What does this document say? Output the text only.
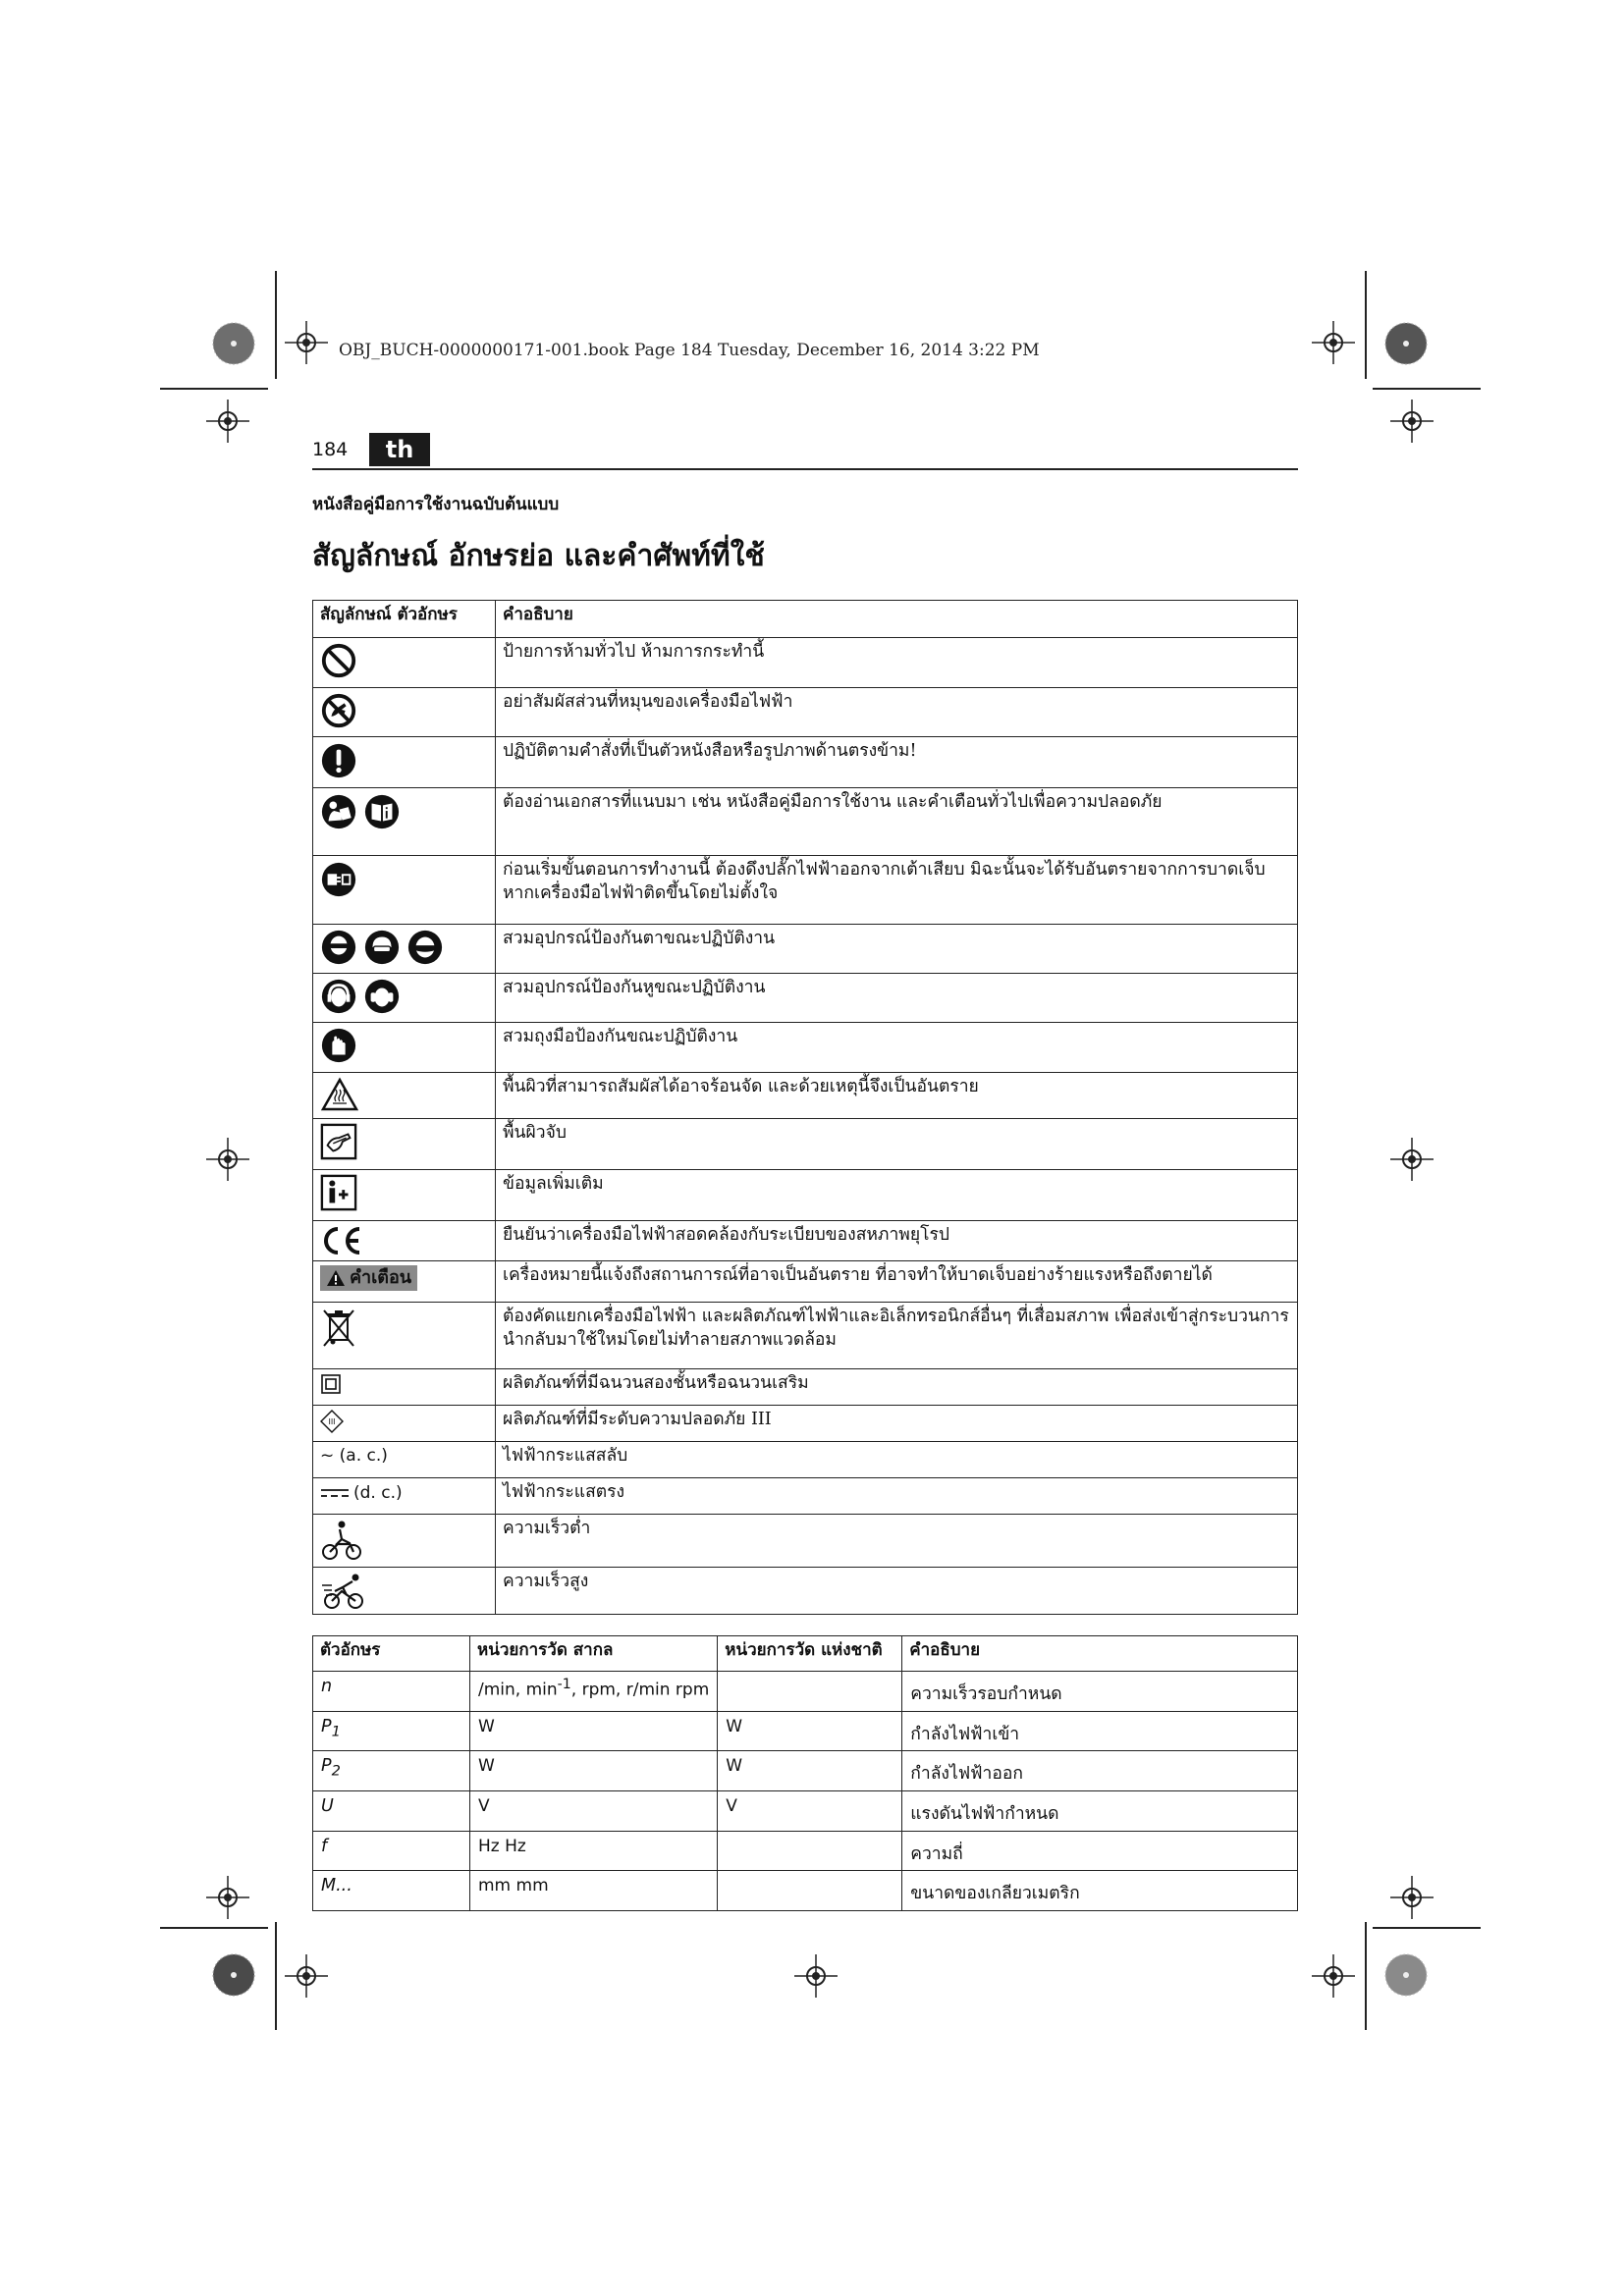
OBJ_BUCH-0000000171-001.book Page 184 Tuesday, December 16, 2014 3:22 PM
184	th
หนังสือคู่มือการใช้งานฉบับต้นแบบ
สัญลักษณ์ อักษรย่อ และคำศัพท์ที่ใช้
สัญลักษณ์ ตัวอักษร	คำอธิบาย

	ป้ายการห้ามทั่วไป ห้ามการกระทำนี้

	อย่าสัมผัสส่วนที่หมุนของเครื่องมือไฟฟ้า

	ปฏิบัติตามคำสั่งที่เป็นตัวหนังสือหรือรูปภาพด้านตรงข้าม!

	ต้องอ่านเอกสารที่แนบมา เช่น หนังสือคู่มือการใช้งาน และคำเตือนทั่วไปเพื่อความปลอดภัย

	ก่อนเริ่มขั้นตอนการทำงานนี้ ต้องดึงปลั๊กไฟฟ้าออกจากเต้าเสียบ มิฉะนั้นจะได้รับอันตรายจากการบาดเจ็บหากเครื่องมือไฟฟ้าติดขึ้นโดยไม่ตั้งใจ

	สวมอุปกรณ์ป้องกันตาขณะปฏิบัติงาน

	สวมอุปกรณ์ป้องกันหูขณะปฏิบัติงาน

	สวมถุงมือป้องกันขณะปฏิบัติงาน

	พื้นผิวที่สามารถสัมผัสได้อาจร้อนจัด และด้วยเหตุนี้จึงเป็นอันตราย

	พื้นผิวจับ

	ข้อมูลเพิ่มเติม

	ยืนยันว่าเครื่องมือไฟฟ้าสอดคล้องกับระเบียบของสหภาพยุโรป

คำเตือน	เครื่องหมายนี้แจ้งถึงสถานการณ์ที่อาจเป็นอันตราย ที่อาจทำให้บาดเจ็บอย่างร้ายแรงหรือถึงตายได้

	ต้องคัดแยกเครื่องมือไฟฟ้า และผลิตภัณฑ์ไฟฟ้าและอิเล็กทรอนิกส์อื่นๆ ที่เสื่อมสภาพ เพื่อส่งเข้าสู่กระบวนการนำกลับมาใช้ใหม่โดยไม่ทำลายสภาพแวดล้อม

	ผลิตภัณฑ์ที่มีฉนวนสองชั้นหรือฉนวนเสริม

III	ผลิตภัณฑ์ที่มีระดับความปลอดภัย III
~ (a. c.)	ไฟฟ้ากระแสสลับ

(d. c.)	ไฟฟ้ากระแสตรง

	ความเร็วต่ำ

	ความเร็วสูง
ตัวอักษร	หน่วยการวัด สากล	หน่วยการวัด แห่งชาติ	คำอธิบาย
n	/min, $\min^{-1}$, rpm, r/min rpm		ความเร็วรอบกำหนด
$P_1$	W	W	กำลังไฟฟ้าเข้า
$P_2$	W	W	กำลังไฟฟ้าออก
U	V	V	แรงดันไฟฟ้ากำหนด
f	Hz Hz		ความถี่
M...	mm mm		ขนาดของเกลียวเมตริก
